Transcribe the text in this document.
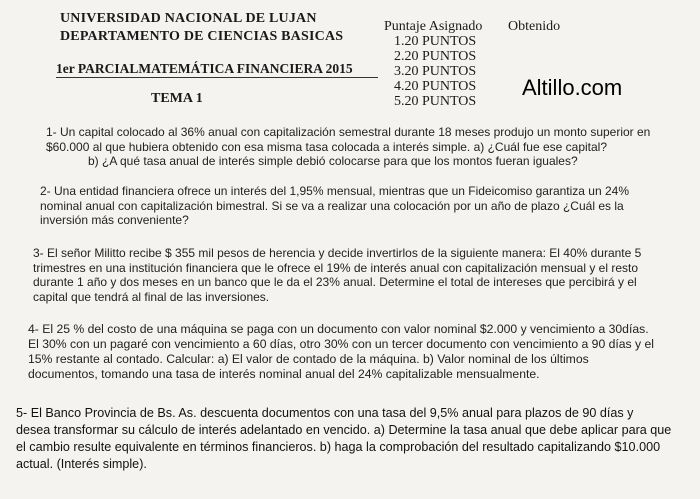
UNIVERSIDAD NACIONAL DE LUJAN
DEPARTAMENTO DE CIENCIAS BASICAS
1er PARCIALMATEMÁTICA FINANCIERA 2015
TEMA 1
Puntaje Asignado Obtenido
1.20 PUNTOS
2.20 PUNTOS
3.20 PUNTOS
4.20 PUNTOS
5.20 PUNTOS
Altillo.com

1- Un capital colocado al 36% anual con capitalización semestral durante 18 meses produjo un monto superior en

$60.000 al que hubiera obtenido con esa misma tasa colocada a interés simple. a) ¿Cuál fue ese capital?

b) ¿A qué tasa anual de interés simple debió colocarse para que los montos fueran iguales?

2- Una entidad financiera ofrece un interés del 1,95% mensual, mientras que un Fideicomiso garantiza un 24%

nominal anual con capitalización bimestral. Si se va a realizar una colocación por un año de plazo ¿Cuál es la

inversión más conveniente?

3- El señor Militto recibe $ 355 mil pesos de herencia y decide invertirlos de la siguiente manera: El 40% durante 5

trimestres en una institución financiera que le ofrece el 19% de interés anual con capitalización mensual y el resto

durante 1 año y dos meses en un banco que le da el 23% anual. Determine el total de intereses que percibirá y el

capital que tendrá al final de las inversiones.

4- El 25 % del costo de una máquina se paga con un documento con valor nominal $2.000 y vencimiento a 30días.

El 30% con un pagaré con vencimiento a 60 días, otro 30% con un tercer documento con vencimiento a 90 días y el

15% restante al contado. Calcular: a) El valor de contado de la máquina. b) Valor nominal de los últimos

documentos, tomando una tasa de interés nominal anual del 24% capitalizable mensualmente.

5- El Banco Provincia de Bs. As. descuenta documentos con una tasa del 9,5% anual para plazos de 90 días y

desea transformar su cálculo de interés adelantado en vencido. a) Determine la tasa anual que debe aplicar para que

el cambio resulte equivalente en términos financieros. b) haga la comprobación del resultado capitalizando $10.000

actual. (Interés simple).
